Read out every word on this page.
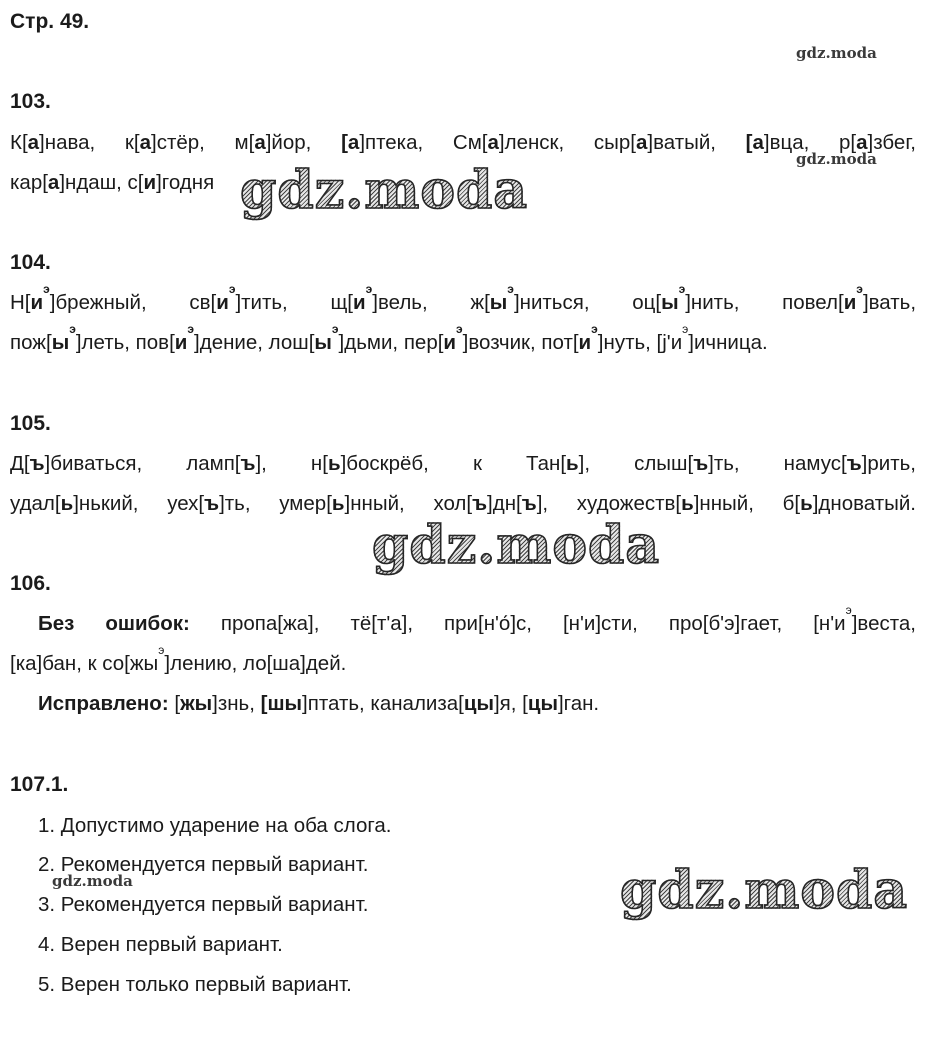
Стр. 49.
gdz.moda
gdz.moda
gdz.moda
103.
К[а]нава, к[а]стёр, м[а]йор, [а]птека, См[а]ленск, сыр[а]ватый, [а]вца, р[а]збег,
кар[а]ндаш, с[и]годня gdz.moda
104.
$Н[и^э]брежный$, $св[и^э]тить$, $щ[и^э]вель$, $ж[ы^э]ниться$, $оц[ы^э]нить$, $повел[и^э]вать$,
$пож[ы^э]леть$, $пов[и^э]дение$, $лош[ы^э]дьми$, $пер[и^э]возчик$, $пот[и^э]нуть$, $[j'и^э]ичница$.
105.
Д[ъ]биваться, ламп[ъ], н[ь]боскрёб, к Тан[ь], слыш[ъ]ть, намус[ъ]рить,
удал[ь]нький, уех[ъ]ть, умер[ь]нный, хол[ъ]дн[ъ], художеств[ь]нный, б[ь]дноватый.
gdz.moda
106.
Без ошибок: пропа[жа], тё[т'а], при[н'о́]с, [н'и]сти, про[б'э]гает, $[н'и^э]веста$,
[ка]бан, к $со[жы^э]лению$, ло[ша]дей.
Исправлено: [жы]знь, [шы]птать, канализа[цы]я, [цы]ган.
107.1.
1. Допустимо ударение на оба слога.
2. Рекомендуется первый вариант.
3. Рекомендуется первый вариант.
4. Верен первый вариант.
5. Верен только первый вариант.
gdz.moda
